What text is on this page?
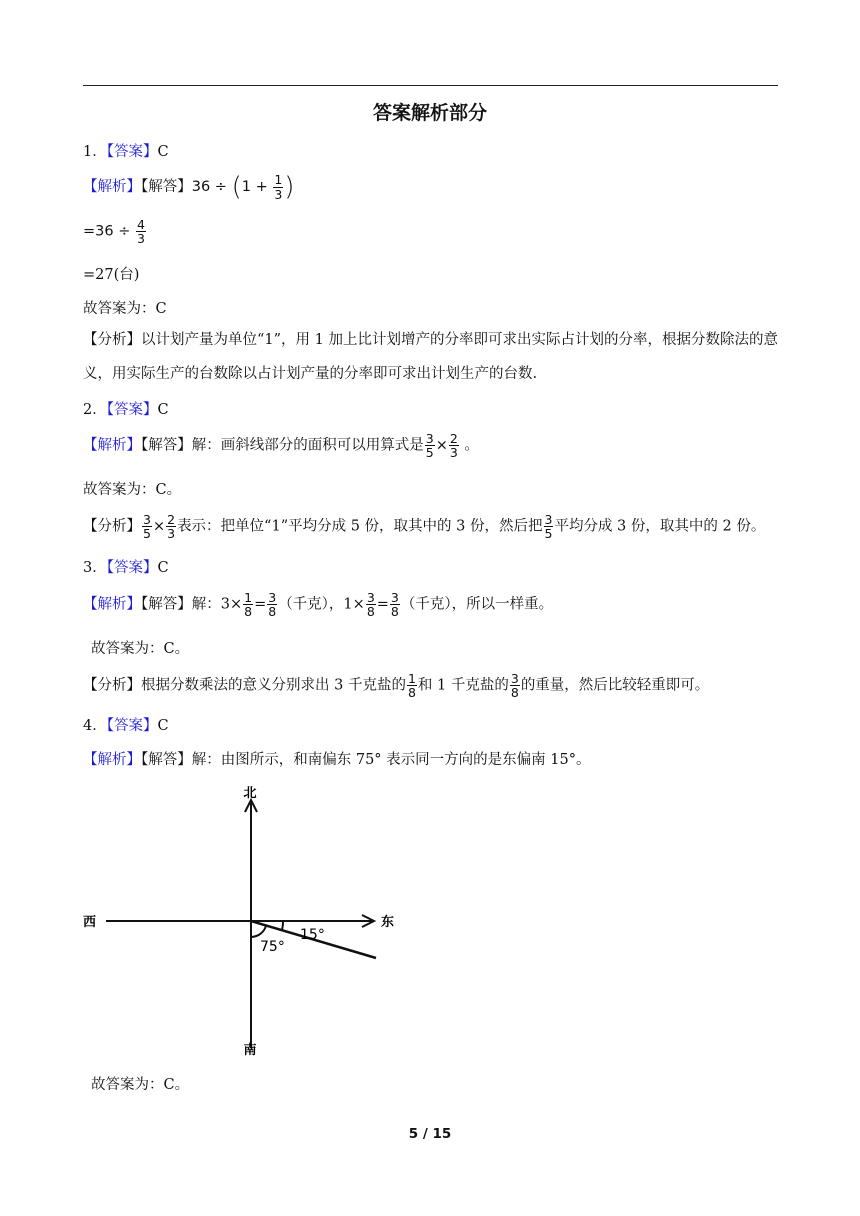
答案解析部分
1．【答案】C
【解析】【解答】$36 \div (1 + \frac{1}{3}$ )
$=36 \div \frac{4}{3}$
=27(台)
故答案为：C
【分析】以计划产量为单位“1”，用 1 加上比计划增产的分率即可求出实际占计划的分率，根据分数除法的意义，用实际生产的台数除以占计划产量的分率即可求出计划生产的台数.
2．【答案】C
【解析】【解答】解：画斜线部分的面积可以用算式是 $\frac{3}{5} \times \frac{2}{3}$ 。
故答案为：C。
【分析】 $\frac{3}{5} \times \frac{2}{3}$ 表示：把单位“1”平均分成 5 份，取其中的 3 份，然后把 $\frac{3}{5}$ 平均分成 3 份，取其中的 2 份。
3．【答案】C
【解析】【解答】解：$3\times \frac{1}{8} = \frac{3}{8}$ （千克），$1\times \frac{3}{8} = \frac{3}{8}$ （千克），所以一样重。
故答案为：C。
【分析】根据分数乘法的意义分别求出 3 千克盐的 $\frac{1}{8}$ 和 1 千克盐的 $\frac{3}{8}$ 的重量，然后比较轻重即可。
4．【答案】C
【解析】【解答】解：由图所示，和南偏东 75° 表示同一方向的是东偏南 15°。
北
南
西	东
15°
75°
故答案为：C。
5 / 15
